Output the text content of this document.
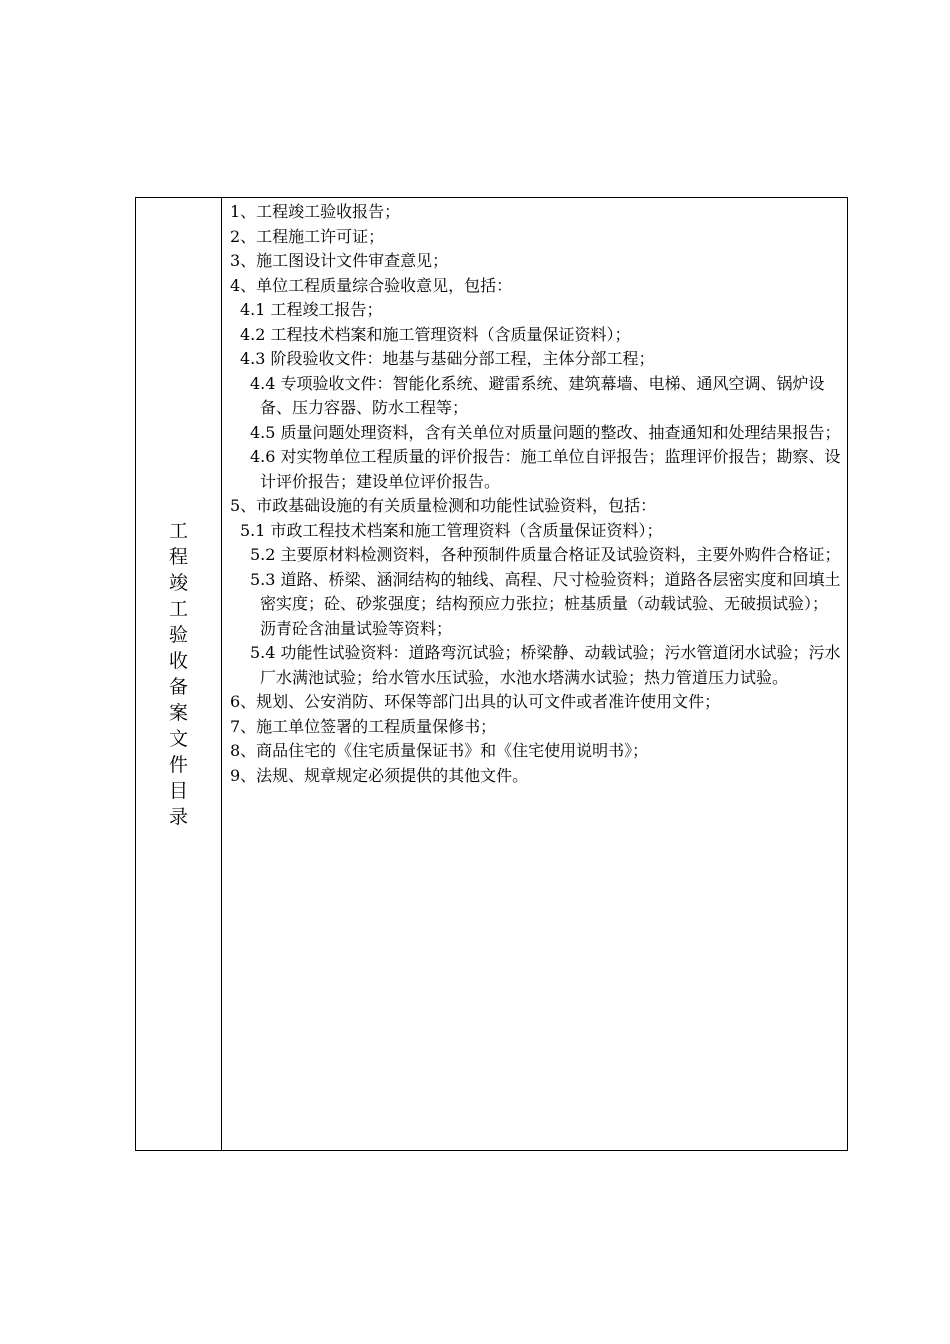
工程竣工验收备案文件目录
1、工程竣工验收报告；
2、工程施工许可证；
3、施工图设计文件审查意见；
4、单位工程质量综合验收意见，包括：
4.1 工程竣工报告；
4.2 工程技术档案和施工管理资料（含质量保证资料）；
4.3 阶段验收文件：地基与基础分部工程，主体分部工程；
4.4 专项验收文件：智能化系统、避雷系统、建筑幕墙、电梯、通风空调、锅炉设备、压力容器、防水工程等；
4.5 质量问题处理资料，含有关单位对质量问题的整改、抽查通知和处理结果报告；
4.6 对实物单位工程质量的评价报告：施工单位自评报告；监理评价报告；勘察、设计评价报告；建设单位评价报告。
5、市政基础设施的有关质量检测和功能性试验资料，包括：
5.1 市政工程技术档案和施工管理资料（含质量保证资料）；
5.2 主要原材料检测资料，各种预制件质量合格证及试验资料，主要外购件合格证；
5.3 道路、桥梁、涵洞结构的轴线、高程、尺寸检验资料；道路各层密实度和回填土密实度；砼、砂浆强度；结构预应力张拉；桩基质量（动载试验、无破损试验）；沥青砼含油量试验等资料；
5.4 功能性试验资料：道路弯沉试验；桥梁静、动载试验；污水管道闭水试验；污水厂水满池试验；给水管水压试验，水池水塔满水试验；热力管道压力试验。
6、规划、公安消防、环保等部门出具的认可文件或者准许使用文件；
7、施工单位签署的工程质量保修书；
8、商品住宅的《住宅质量保证书》和《住宅使用说明书》；
9、法规、规章规定必须提供的其他文件。
